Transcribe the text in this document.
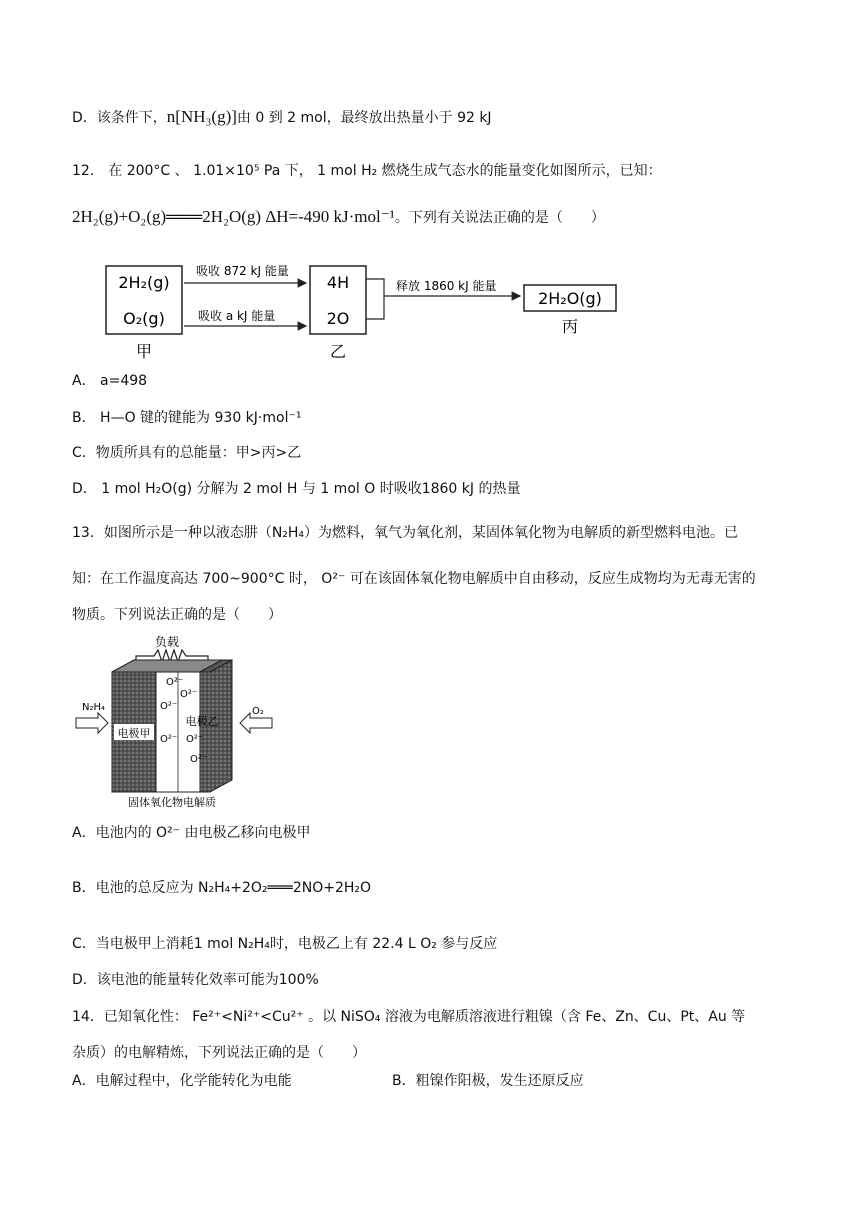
D．该条件下，n[NH₃(g)]由 0 到 2 mol，最终放出热量小于 92 kJ
12． 在 200°C 、 1.01×10⁵ Pa 下， 1 mol H₂ 燃烧生成气态水的能量变化如图所示，已知：
2H₂(g)+O₂(g)═══2H₂O(g) ΔH=-490 kJ·mol⁻¹。下列有关说法正确的是（　　）
2H₂(g)
O₂(g)
甲
吸收 872 kJ 能量
吸收 a kJ 能量
4H
2O
乙
释放 1860 kJ 能量
2H₂O(g)
丙
A． a=498
B． H—O 键的键能为 930 kJ·mol⁻¹
C．物质所具有的总能量：甲>丙>乙
D． 1 mol H₂O(g) 分解为 2 mol H 与 1 mol O 时吸收1860 kJ 的热量
13．如图所示是一种以液态肼（N₂H₄）为燃料，氧气为氧化剂，某固体氧化物为电解质的新型燃料电池。已
知：在工作温度高达 700~900°C 时， O²⁻ 可在该固体氧化物电解质中自由移动，反应生成物均为无毒无害的
物质。下列说法正确的是（　　）
负载
电极甲
O²⁻
O²⁻
O²⁻
O²⁻ O²⁻
O²⁻
电极乙
N₂H₄	O₂
固体氧化物电解质
A．电池内的 O²⁻ 由电极乙移向电极甲
B．电池的总反应为 N₂H₄+2O₂═══2NO+2H₂O
C．当电极甲上消耗1 mol N₂H₄时，电极乙上有 22.4 L O₂ 参与反应
D．该电池的能量转化效率可能为100%
14．已知氧化性： Fe²⁺<Ni²⁺<Cu²⁺ 。以 NiSO₄ 溶液为电解质溶液进行粗镍（含 Fe、Zn、Cu、Pt、Au 等
杂质）的电解精炼，下列说法正确的是（　　）
A．电解过程中，化学能转化为电能	B．粗镍作阳极，发生还原反应
